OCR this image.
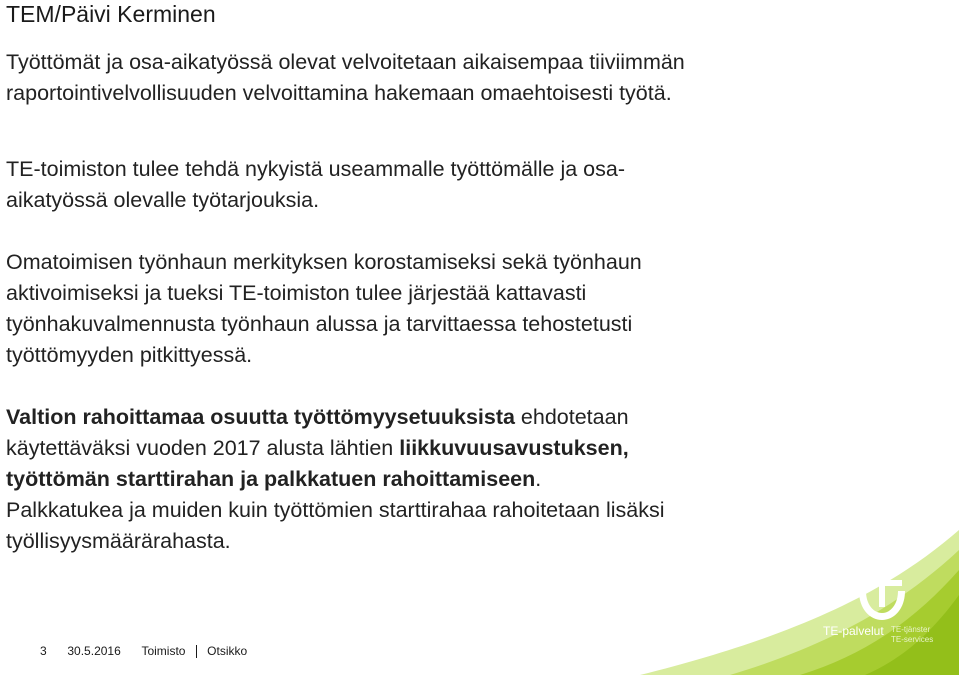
TEM/Päivi Kerminen

Työttömät ja osa-aikatyössä olevat velvoitetaan aikaisempaa tiiviimmän
raportointivelvollisuuden velvoittamina hakemaan omaehtoisesti työtä.

TE-toimiston tulee tehdä nykyistä useammalle työttömälle ja osa-
aikatyössä olevalle työtarjouksia.

Omatoimisen työnhaun merkityksen korostamiseksi sekä työnhaun
aktivoimiseksi ja tueksi TE-toimiston tulee järjestää kattavasti
työnhakuvalmennusta työnhaun alussa ja tarvittaessa tehostetusti
työttömyyden pitkittyessä.

Valtion rahoittamaa osuutta työttömyysetuuksista ehdotetaan
käytettäväksi vuoden 2017 alusta lähtien liikkuvuusavustuksen,
työttömän starttirahan ja palkkatuen rahoittamiseen.
Palkkatukea ja muiden kuin työttömien starttirahaa rahoitetaan lisäksi
työllisyysmäärärahasta.

TE-palvelut TE-tjänster
TE-services
3 30.5.2016 Toimisto Otsikko
